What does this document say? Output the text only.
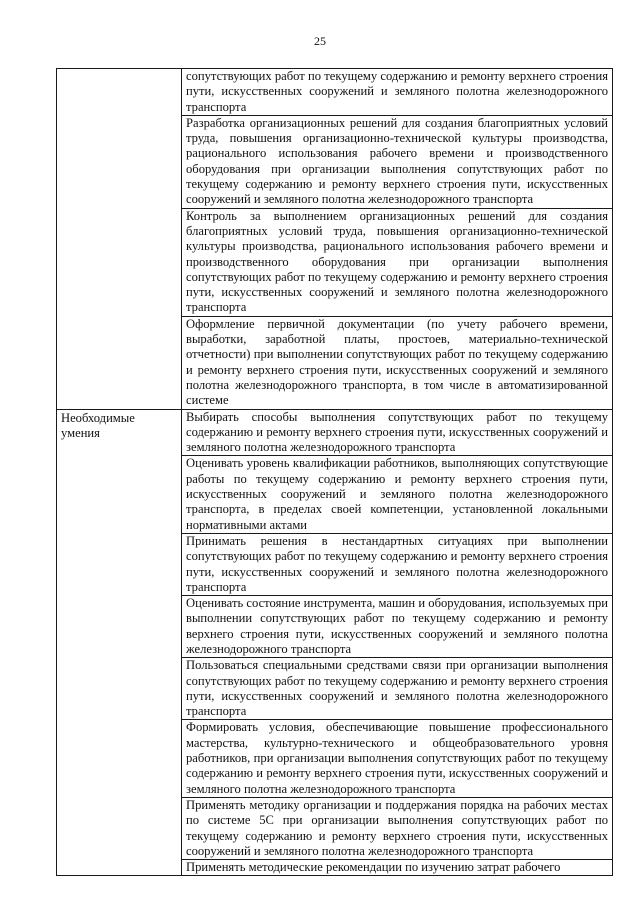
25
	сопутствующих работ по текущему содержанию и ремонту верхнего строения пути, искусственных сооружений и земляного полотна железнодорожного транспорта
	Разработка организационных решений для создания благоприятных условий труда, повышения организационно-технической культуры производства, рационального использования рабочего времени и производственного оборудования при организации выполнения сопутствующих работ по текущему содержанию и ремонту верхнего строения пути, искусственных сооружений и земляного полотна железнодорожного транспорта
	Контроль за выполнением организационных решений для создания благоприятных условий труда, повышения организационно-технической культуры производства, рационального использования рабочего времени и производственного оборудования при организации выполнения сопутствующих работ по текущему содержанию и ремонту верхнего строения пути, искусственных сооружений и земляного полотна железнодорожного транспорта
	Оформление первичной документации (по учету рабочего времени, выработки, заработной платы, простоев, материально-технической отчетности) при выполнении сопутствующих работ по текущему содержанию и ремонту верхнего строения пути, искусственных сооружений и земляного полотна железнодорожного транспорта, в том числе в автоматизированной системе

Необходимые умения	Выбирать способы выполнения сопутствующих работ по текущему содержанию и ремонту верхнего строения пути, искусственных сооружений и земляного полотна железнодорожного транспорта
	Оценивать уровень квалификации работников, выполняющих сопутствующие работы по текущему содержанию и ремонту верхнего строения пути, искусственных сооружений и земляного полотна железнодорожного транспорта, в пределах своей компетенции, установленной локальными нормативными актами
	Принимать решения в нестандартных ситуациях при выполнении сопутствующих работ по текущему содержанию и ремонту верхнего строения пути, искусственных сооружений и земляного полотна железнодорожного транспорта
	Оценивать состояние инструмента, машин и оборудования, используемых при выполнении сопутствующих работ по текущему содержанию и ремонту верхнего строения пути, искусственных сооружений и земляного полотна железнодорожного транспорта
	Пользоваться специальными средствами связи при организации выполнения сопутствующих работ по текущему содержанию и ремонту верхнего строения пути, искусственных сооружений и земляного полотна железнодорожного транспорта
	Формировать условия, обеспечивающие повышение профессионального мастерства, культурно-технического и общеобразовательного уровня работников, при организации выполнения сопутствующих работ по текущему содержанию и ремонту верхнего строения пути, искусственных сооружений и земляного полотна железнодорожного транспорта
	Применять методику организации и поддержания порядка на рабочих местах по системе 5С при организации выполнения сопутствующих работ по текущему содержанию и ремонту верхнего строения пути, искусственных сооружений и земляного полотна железнодорожного транспорта
	Применять методические рекомендации по изучению затрат рабочего
